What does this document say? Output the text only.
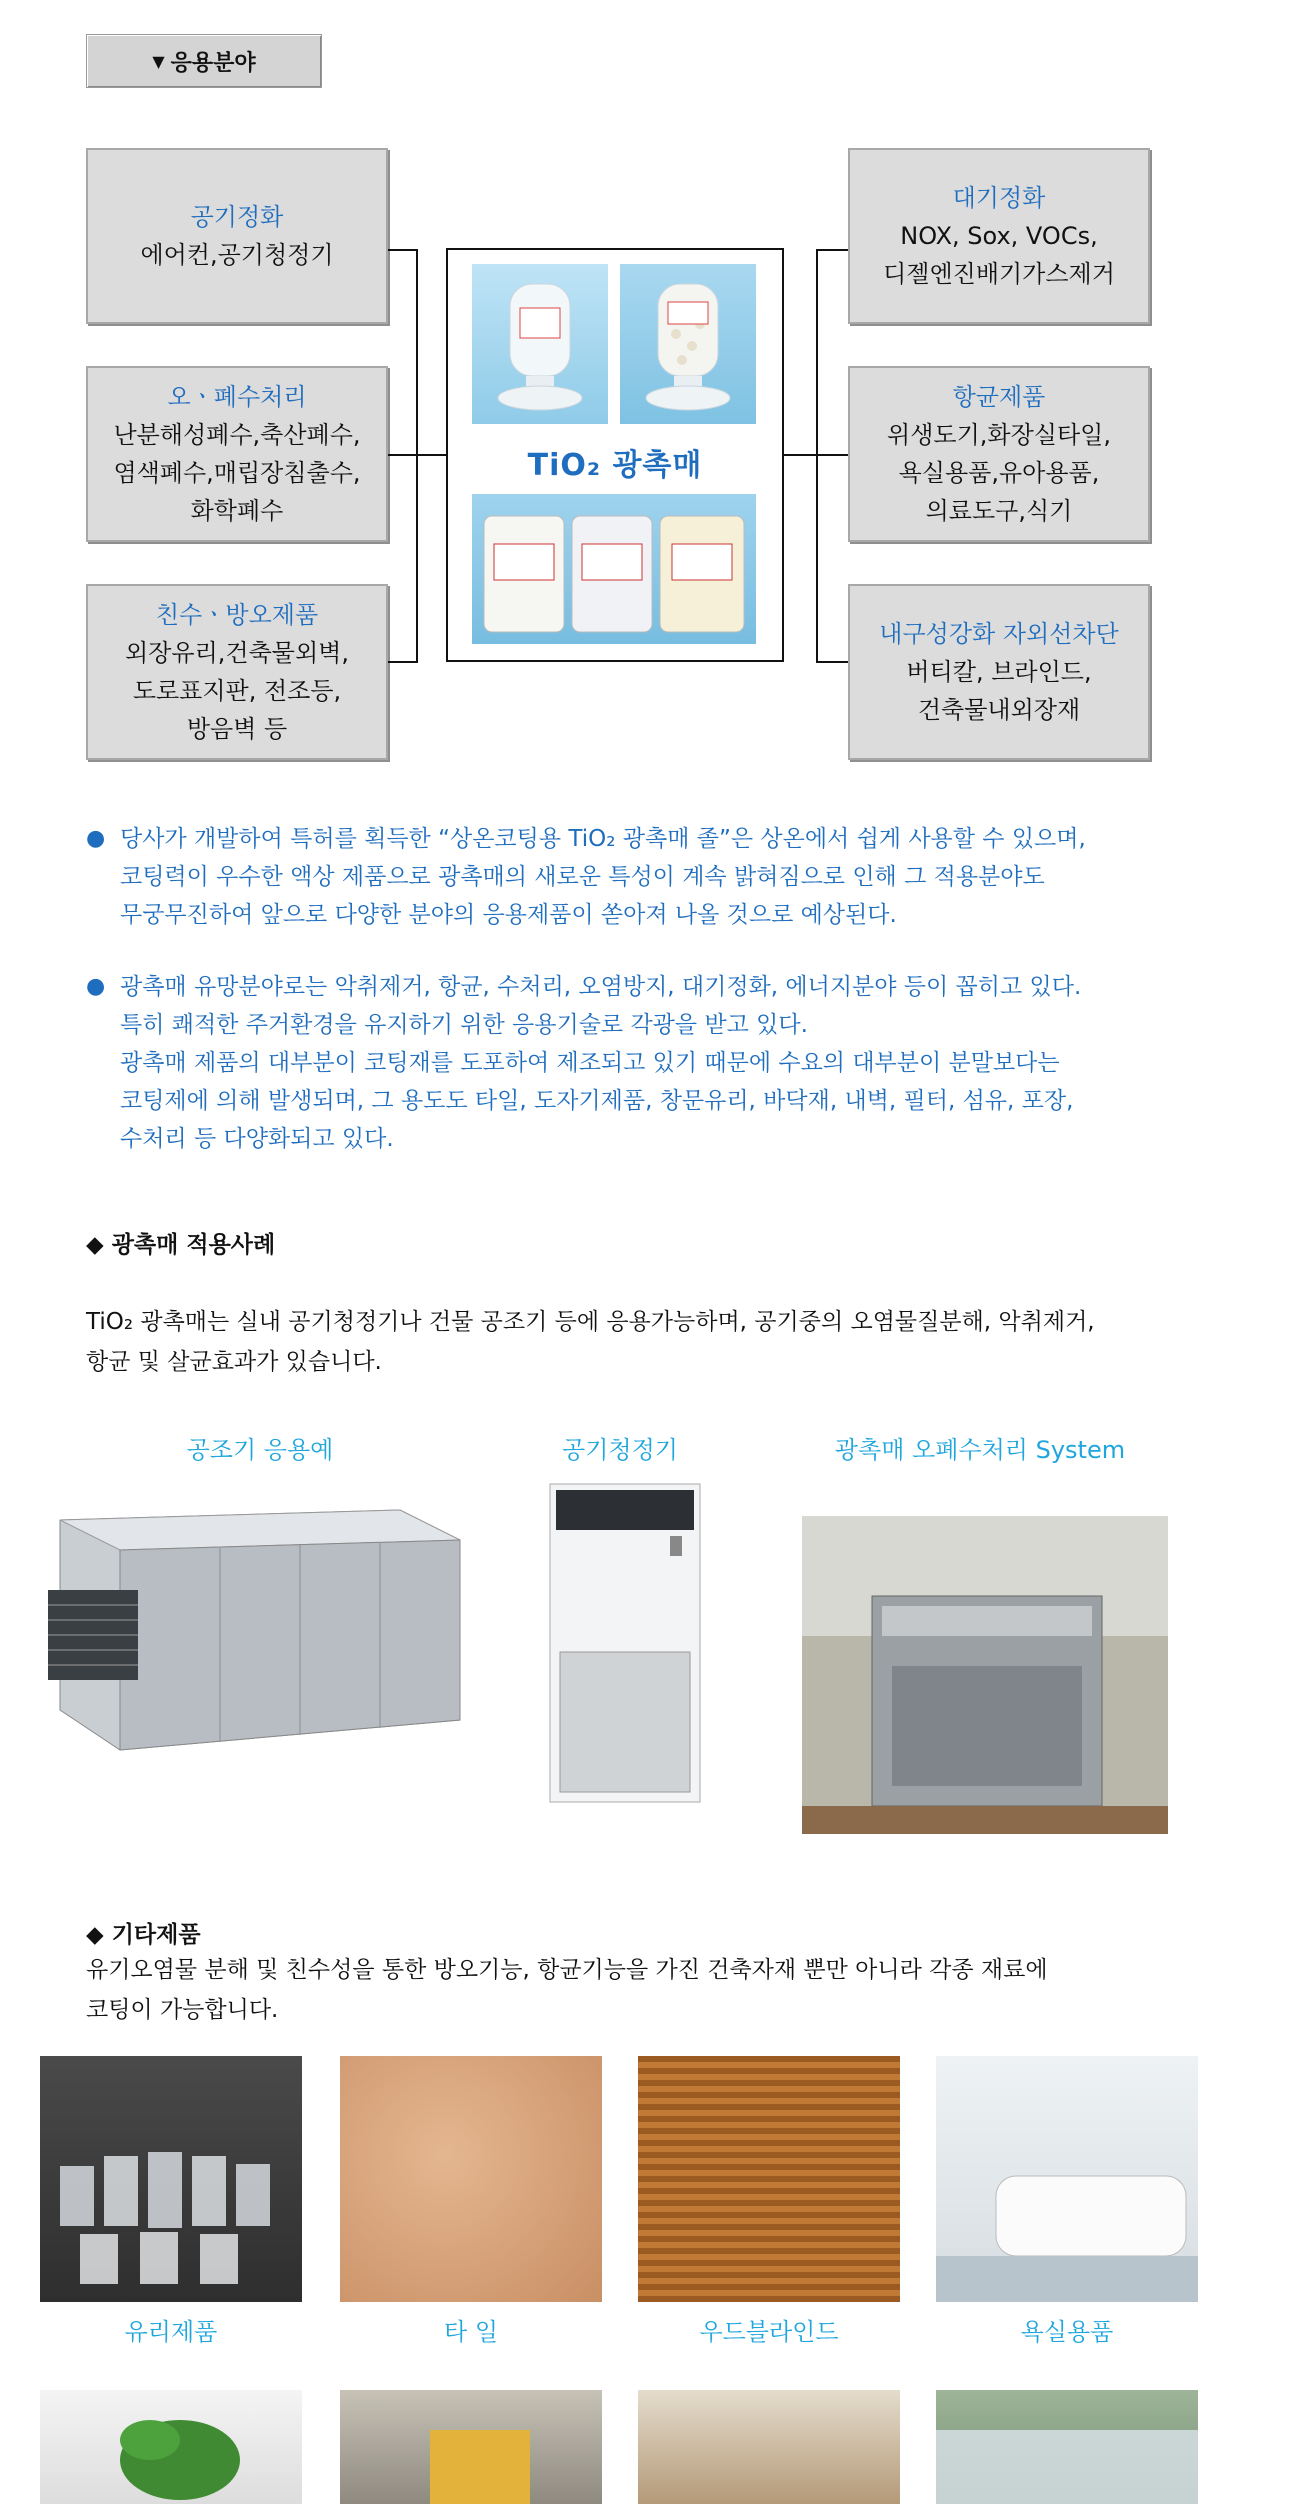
▼ 응용분야
공기정화
에어컨,공기청정기
오ㆍ폐수처리
난분해성폐수,축산폐수,
염색폐수,매립장침출수,
화학폐수
친수ㆍ방오제품
외장유리,건축물외벽,
도로표지판, 전조등,
방음벽 등
대기정화
NOX, Sox, VOCs,
디젤엔진배기가스제거
항균제품
위생도기,화장실타일,
욕실용품,유아용품,
의료도구,식기
내구성강화 자외선차단
버티칼, 브라인드,
건축물내외장재
TiO₂ 광촉매
● 당사가 개발하여 특허를 획득한 “상온코팅용 TiO₂ 광촉매 졸”은 상온에서 쉽게 사용할 수 있으며,
코팅력이 우수한 액상 제품으로 광촉매의 새로운 특성이 계속 밝혀짐으로 인해 그 적용분야도
무궁무진하여 앞으로 다양한 분야의 응용제품이 쏟아져 나올 것으로 예상된다.
● 광촉매 유망분야로는 악취제거, 항균, 수처리, 오염방지, 대기정화, 에너지분야 등이 꼽히고 있다.
특히 쾌적한 주거환경을 유지하기 위한 응용기술로 각광을 받고 있다.
광촉매 제품의 대부분이 코팅재를 도포하여 제조되고 있기 때문에 수요의 대부분이 분말보다는
코팅제에 의해 발생되며, 그 용도도 타일, 도자기제품, 창문유리, 바닥재, 내벽, 필터, 섬유, 포장,
수처리 등 다양화되고 있다.
◆ 광촉매 적용사례
TiO₂ 광촉매는 실내 공기청정기나 건물 공조기 등에 응용가능하며, 공기중의 오염물질분해, 악취제거,
항균 및 살균효과가 있습니다.
공조기 응용예	공기청정기	광촉매 오폐수처리 System
◆ 기타제품
유기오염물 분해 및 친수성을 통한 방오기능, 항균기능을 가진 건축자재 뿐만 아니라 각종 재료에
코팅이 가능합니다.
유리제품	타 일	우드블라인드	욕실용품
